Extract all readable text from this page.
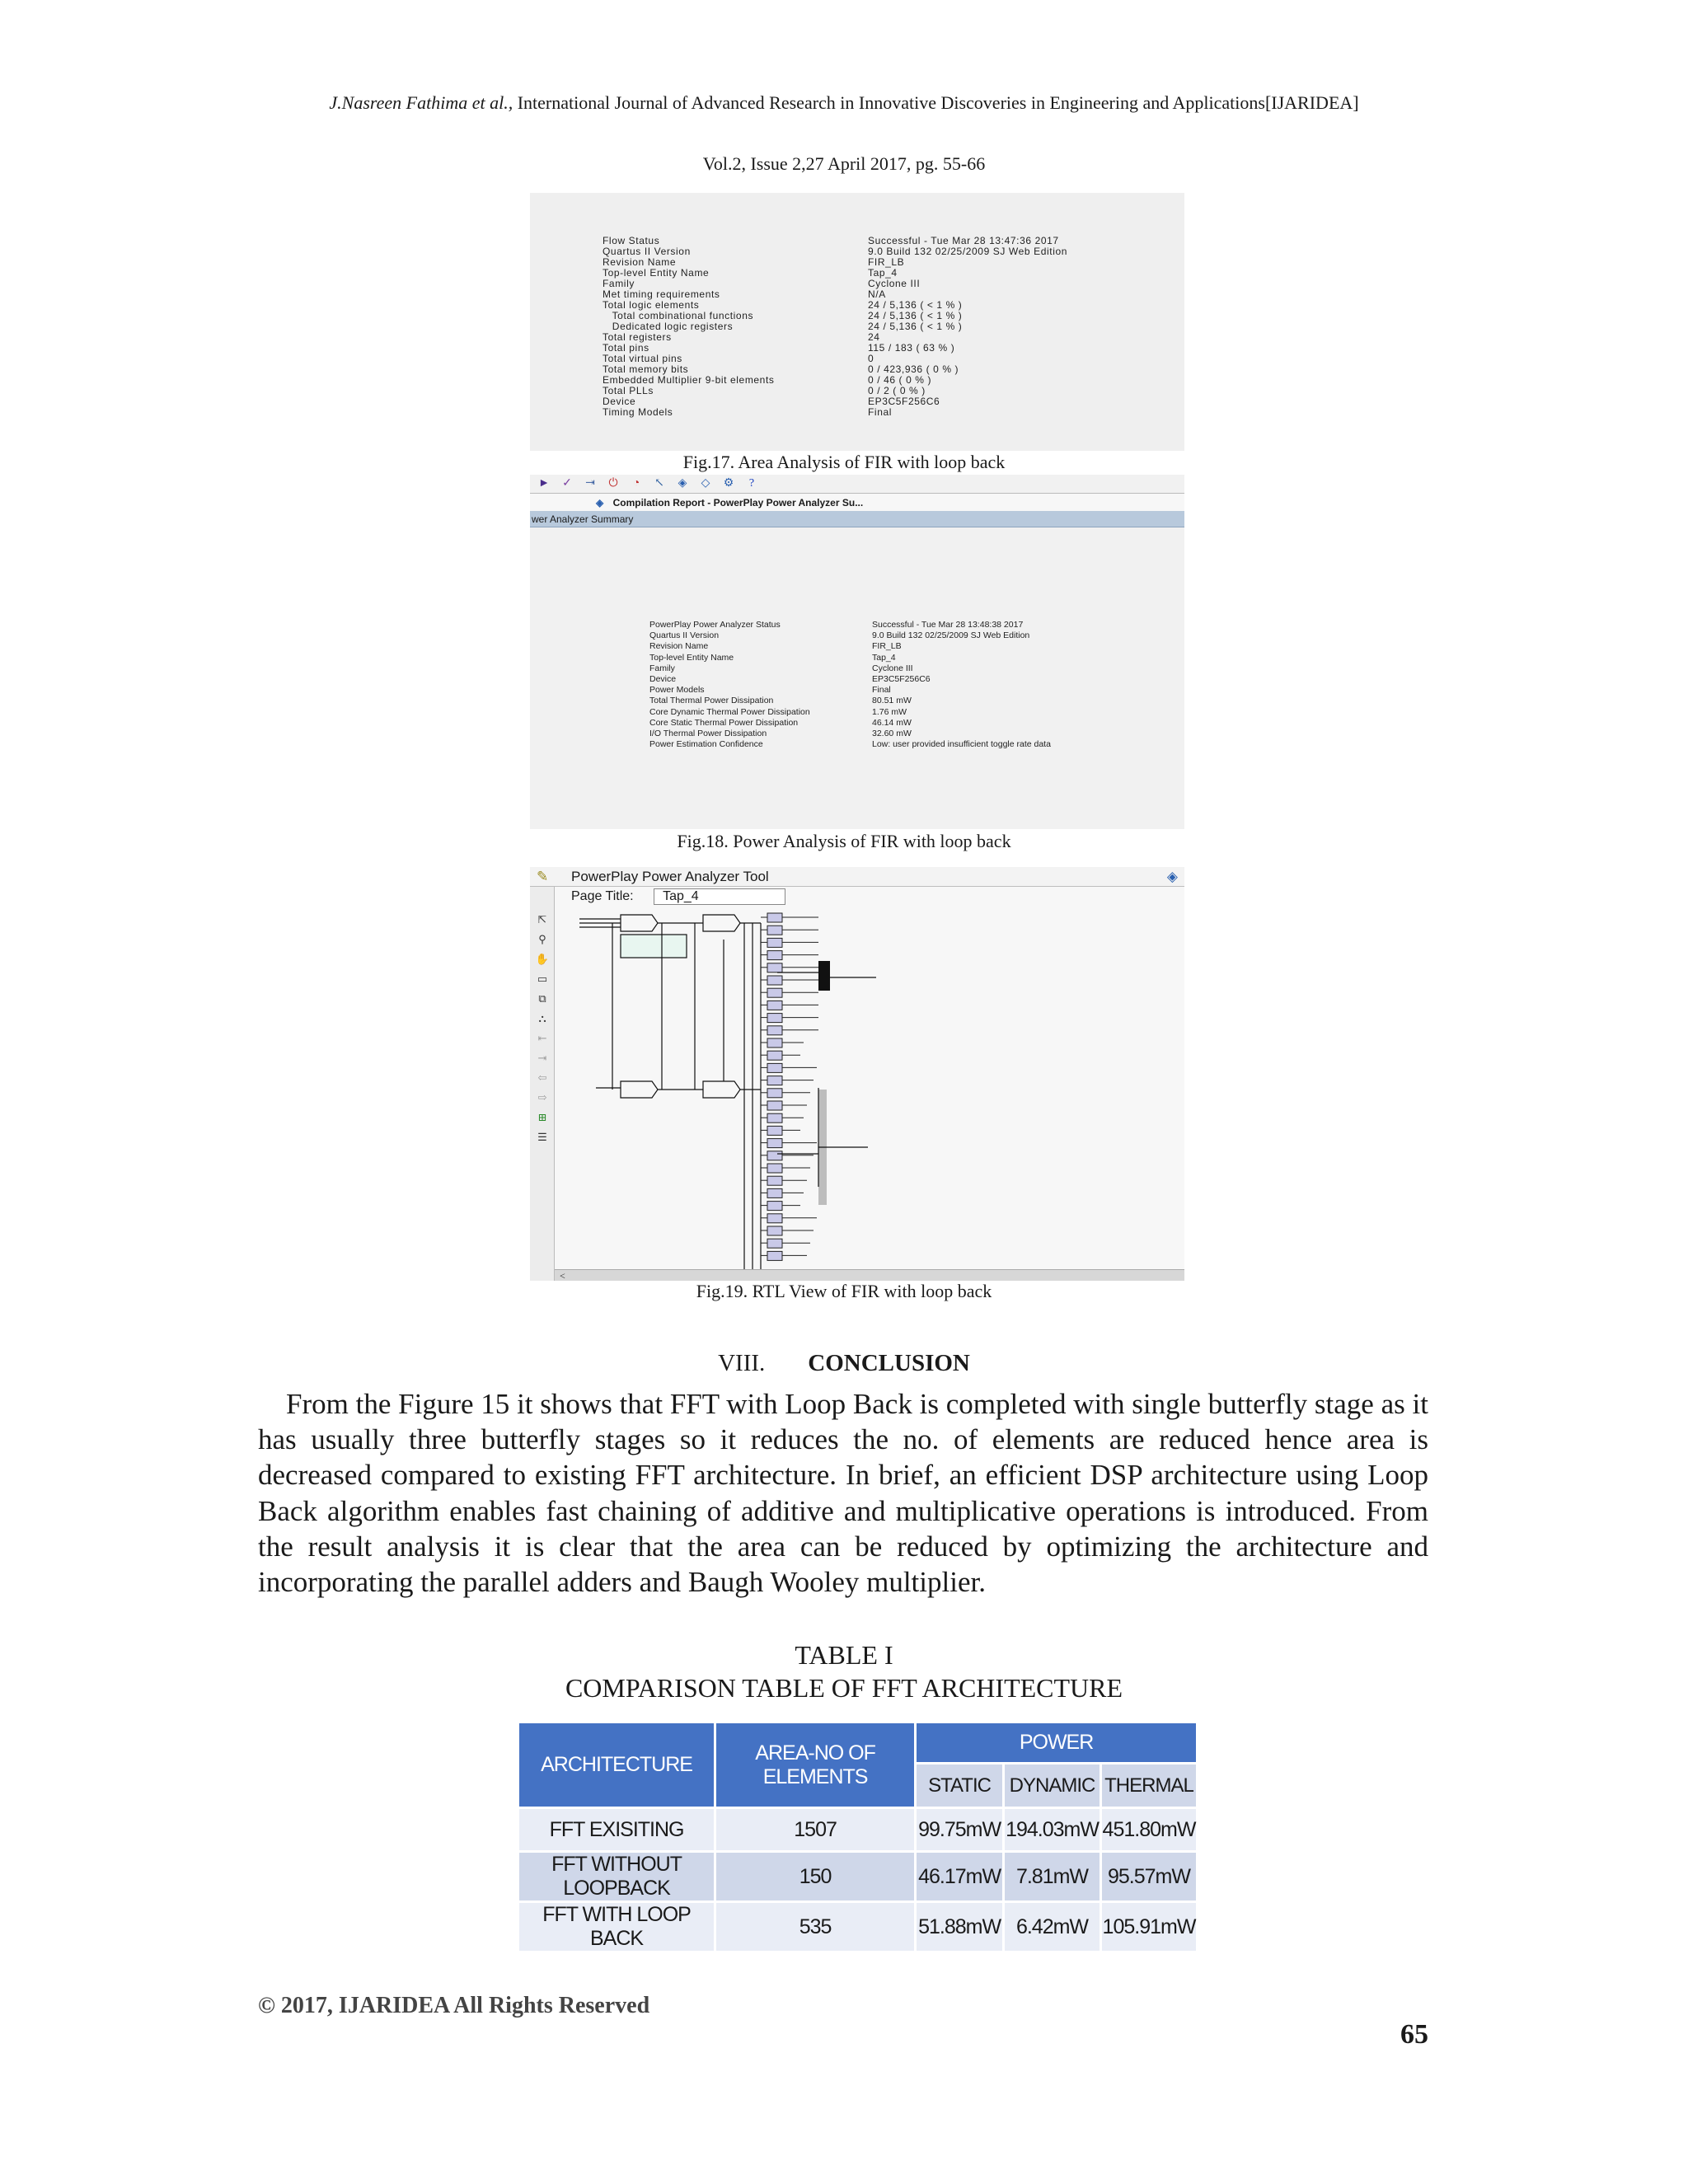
J.Nasreen Fathima et al., International Journal of Advanced Research in Innovative Discoveries in Engineering and Applications[IJARIDEA]
Vol.2, Issue 2,27 April 2017, pg. 55-66
Flow Status	Successful - Tue Mar 28 13:47:36 2017
Quartus II Version	9.0 Build 132 02/25/2009 SJ Web Edition
Revision Name	FIR_LB
Top-level Entity Name	Tap_4
Family	Cyclone III
Met timing requirements	N/A
Total logic elements	24 / 5,136 ( < 1 % )
Total combinational functions	24 / 5,136 ( < 1 % )
Dedicated logic registers	24 / 5,136 ( < 1 % )
Total registers	24
Total pins	115 / 183 ( 63 % )
Total virtual pins	0
Total memory bits	0 / 423,936 ( 0 % )
Embedded Multiplier 9-bit elements	0 / 46 ( 0 % )
Total PLLs	0 / 2 ( 0 % )
Device	EP3C5F256C6
Timing Models	Final
Fig.17. Area Analysis of FIR with loop back
► ✓ ⇥ ⏻	◔	↖ ◈ ◇ ⚙	?
◈ Compilation Report - PowerPlay Power Analyzer Su...
wer Analyzer Summary
PowerPlay Power Analyzer Status	Successful - Tue Mar 28 13:48:38 2017
Quartus II Version	9.0 Build 132 02/25/2009 SJ Web Edition
Revision Name	FIR_LB
Top-level Entity Name	Tap_4
Family	Cyclone III
Device	EP3C5F256C6
Power Models	Final
Total Thermal Power Dissipation	80.51 mW
Core Dynamic Thermal Power Dissipation	1.76 mW
Core Static Thermal Power Dissipation	46.14 mW
I/O Thermal Power Dissipation	32.60 mW
Power Estimation Confidence	Low: user provided insufficient toggle rate data
Fig.18. Power Analysis of FIR with loop back
✎ PowerPlay Power Analyzer Tool	◈
Page Title: Tap_4
⇱
⚲
✋
▭
⧉
⛬
⇤
⇥
⇦
⇨
⊞
☰
<
Fig.19. RTL View of FIR with loop back
VIII. CONCLUSION
From the Figure 15 it shows that FFT with Loop Back is completed with single butterfly stage as it has usually three butterfly stages so it reduces the no. of elements are reduced hence area is decreased compared to existing FFT architecture. In brief, an efficient DSP architecture using Loop Back algorithm enables fast chaining of additive and multiplicative operations is introduced. From the result analysis it is clear that the area can be reduced by optimizing the architecture and incorporating the parallel adders and Baugh Wooley multiplier.
TABLE I
COMPARISON TABLE OF FFT ARCHITECTURE
ARCHITECTURE	AREA-NO OF ELEMENTS	POWER		
		STATIC	DYNAMIC	THERMAL
FFT EXISITING	1507	99.75mW	194.03mW	451.80mW
FFT WITHOUT LOOPBACK	150	46.17mW	7.81mW	95.57mW
FFT WITH LOOP BACK	535	51.88mW	6.42mW	105.91mW
© 2017, IJARIDEA All Rights Reserved
65
